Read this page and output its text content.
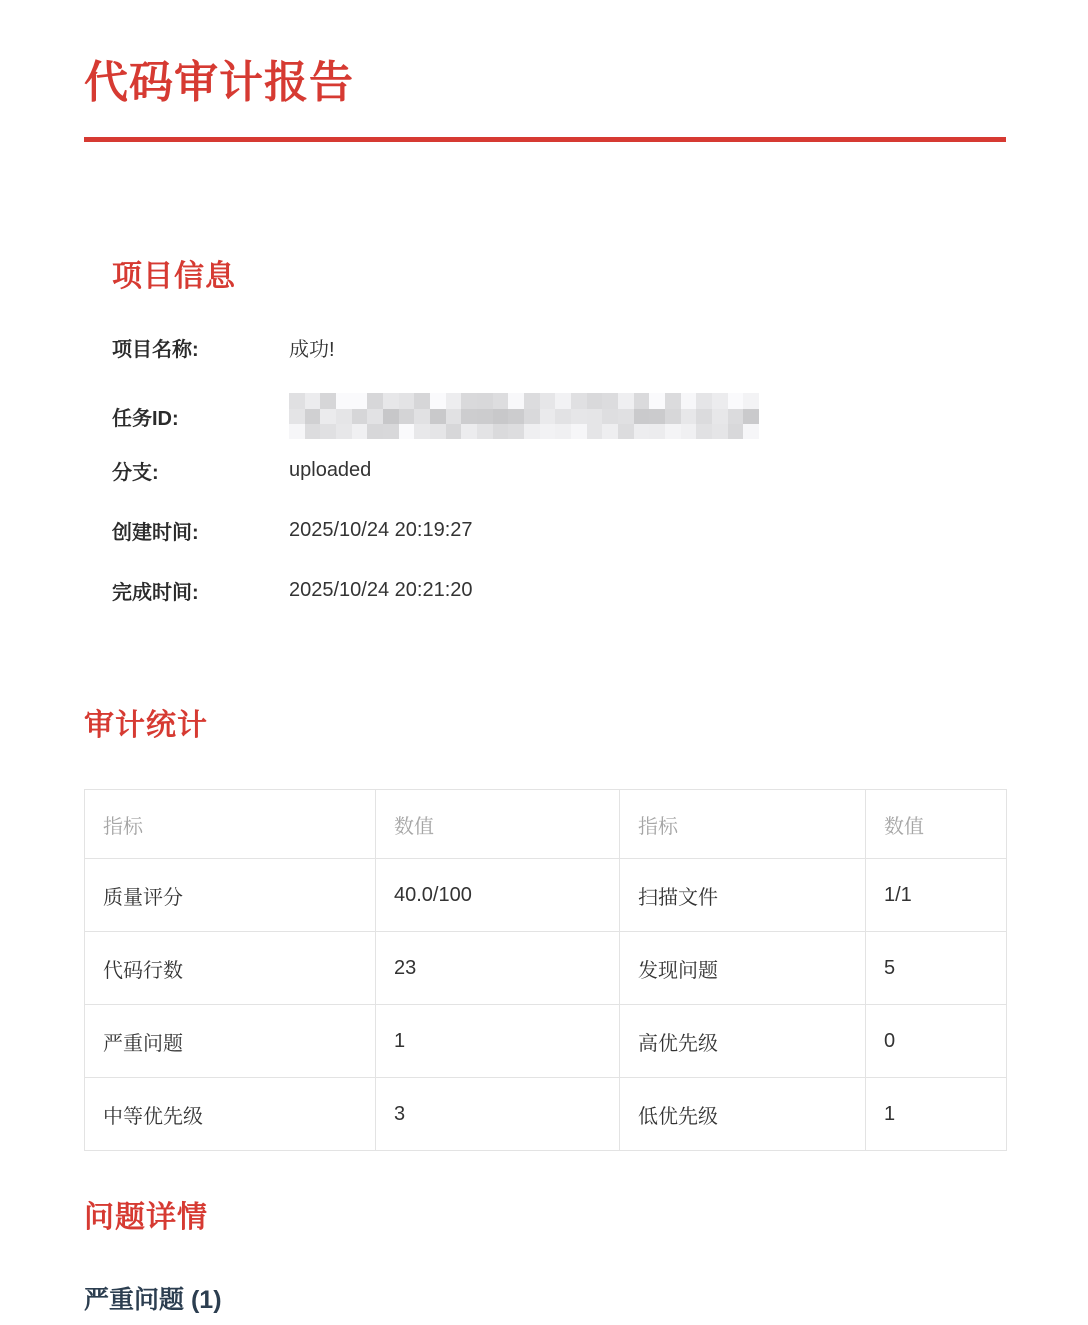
代码审计报告
项目信息
项目名称:	成功!
任务ID:
分支:	uploaded
创建时间:	2025/10/24 20:19:27
完成时间:	2025/10/24 20:21:20
审计统计
指标	数值	指标	数值
质量评分	40.0/100	扫描文件	1/1
代码行数	23	发现问题	5
严重问题	1	高优先级	0
中等优先级	3	低优先级	1
问题详情
严重问题 (1)
